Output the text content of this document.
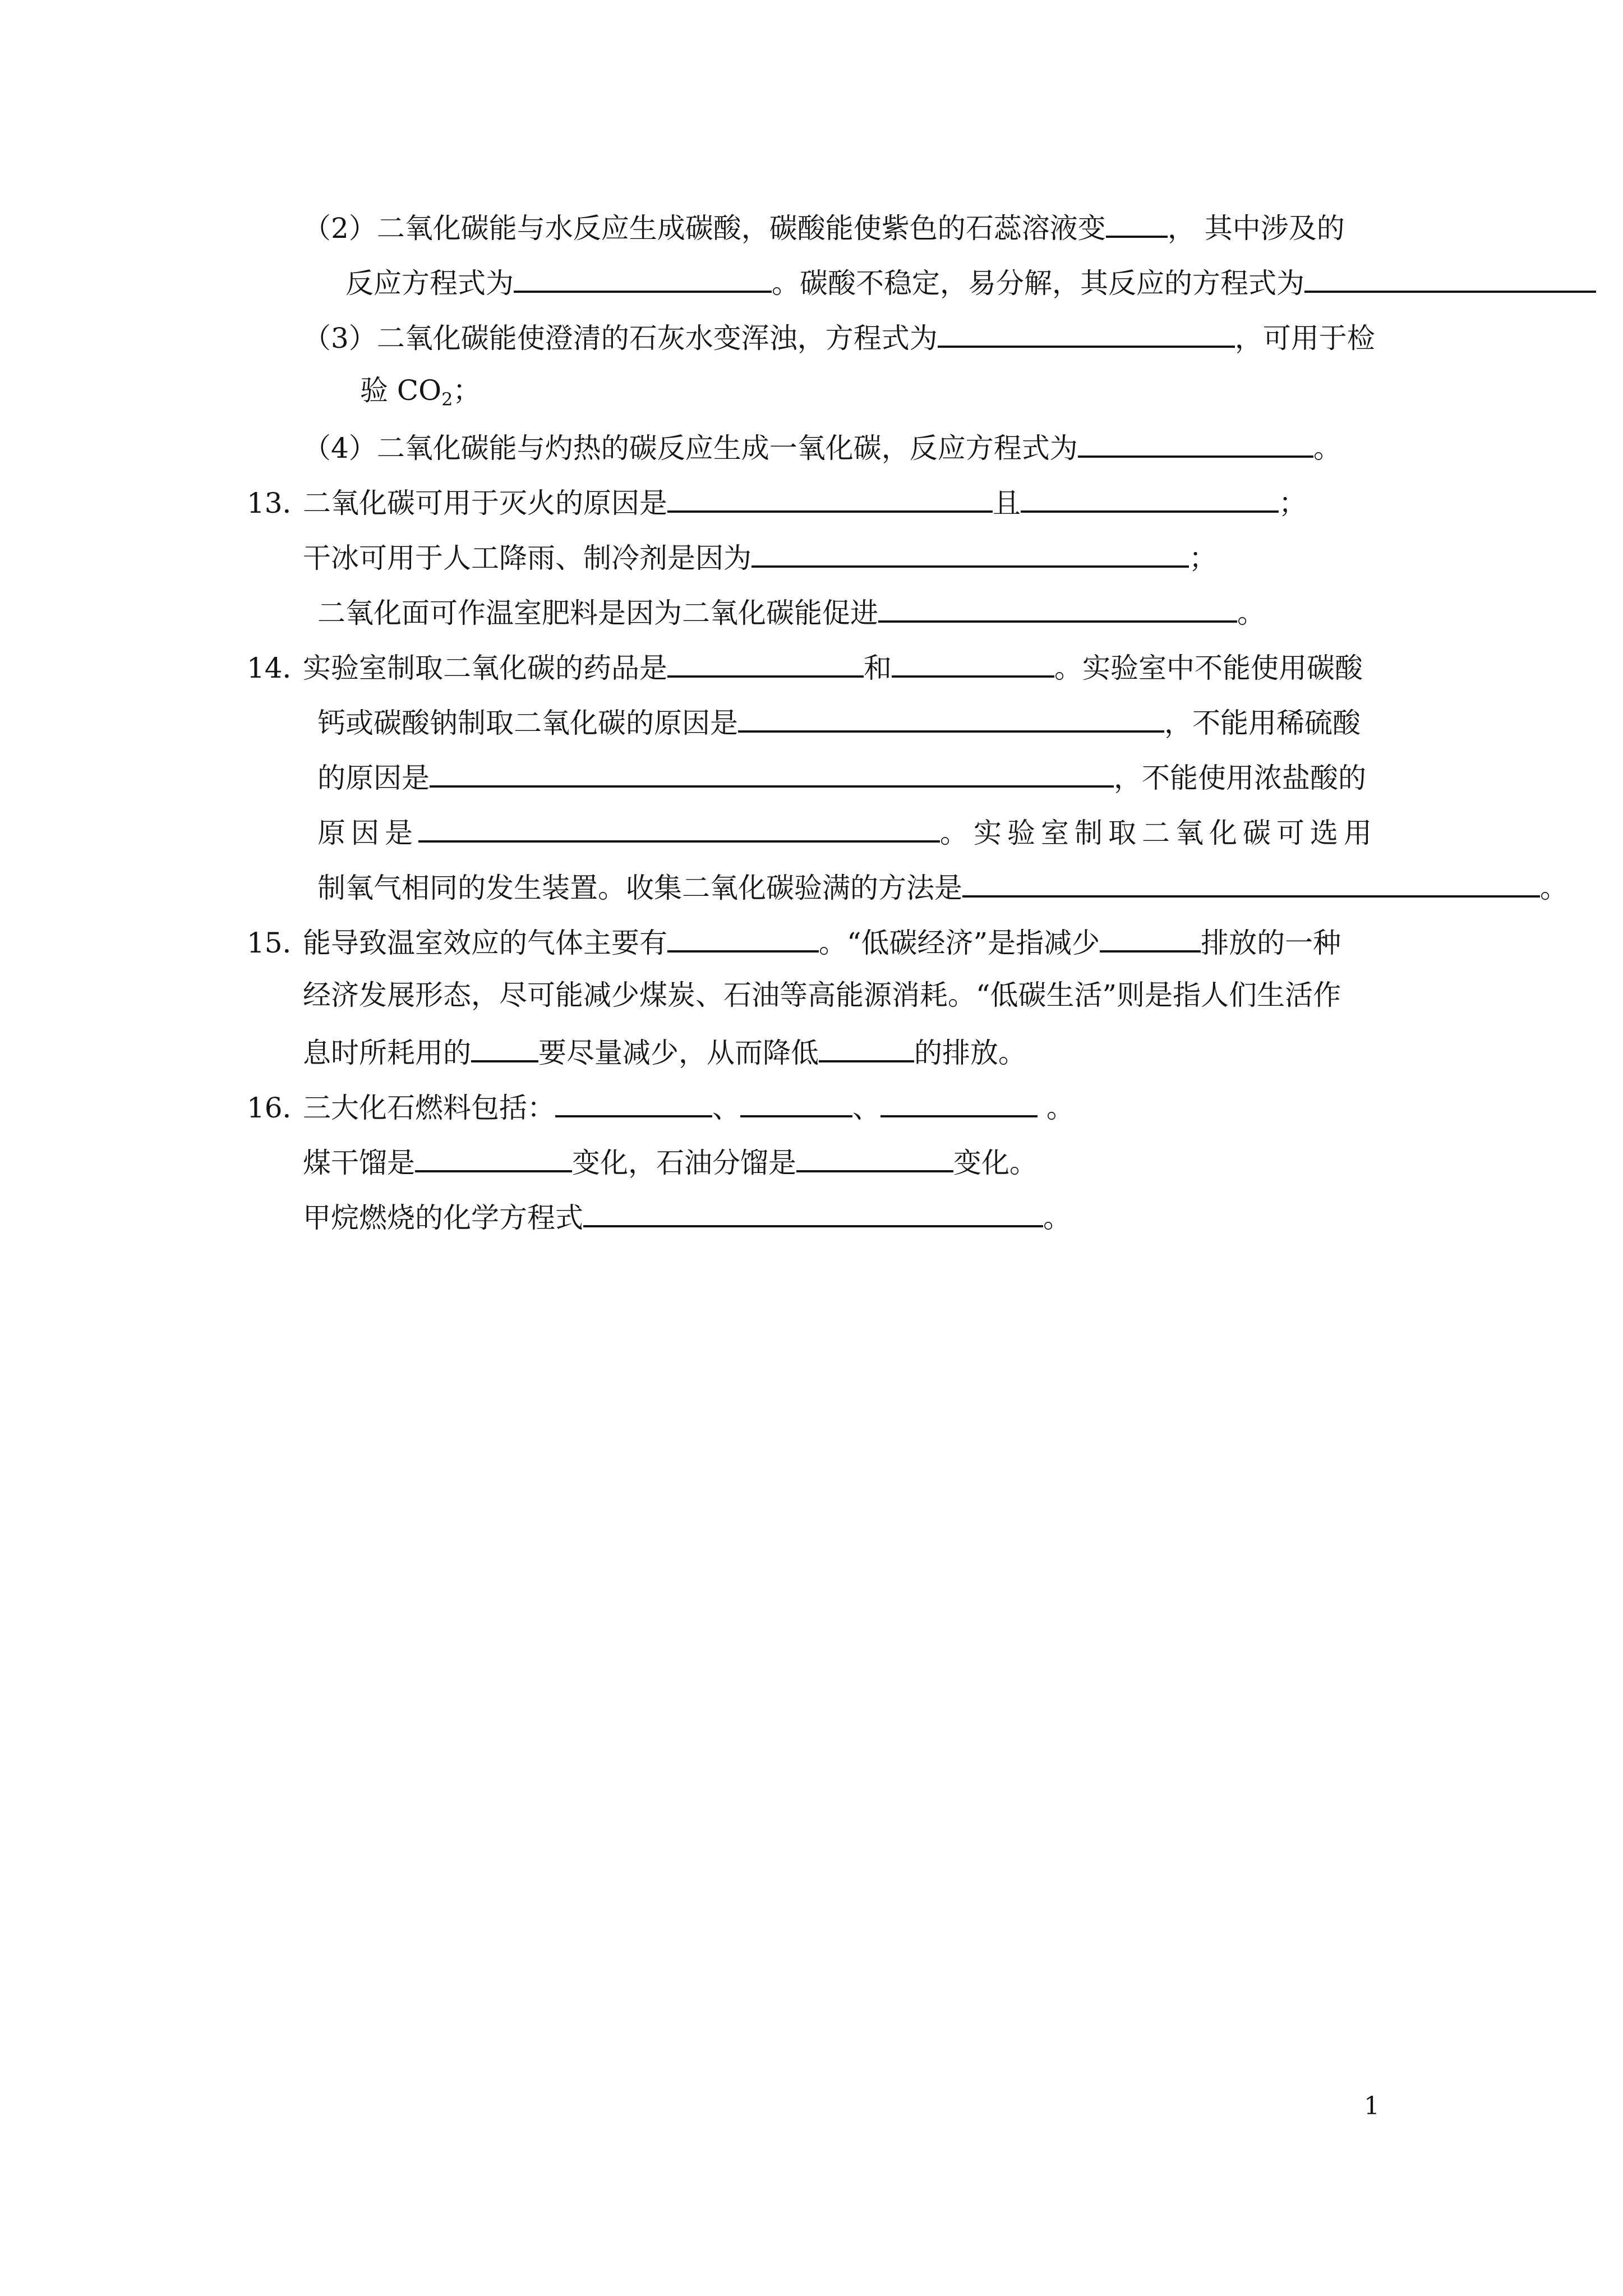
（2）二氧化碳能与水反应生成碳酸，碳酸能使紫色的石蕊溶液变 ， 其中涉及的
反应方程式为	。碳酸不稳定，易分解，其反应的方程式为
（3）二氧化碳能使澄清的石灰水变浑浊，方程式为	，可用于检
验 $CO_2$；
（4）二氧化碳能与灼热的碳反应生成一氧化碳，反应方程式为	。
13．二氧化碳可用于灭火的原因是	且	；
干冰可用于人工降雨、制冷剂是因为	；
二氧化面可作温室肥料是因为二氧化碳能促进	。
14．实验室制取二氧化碳的药品是	和	。实验室中不能使用碳酸
钙或碳酸钠制取二氧化碳的原因是	，不能用稀硫酸
的原因是	，不能使用浓盐酸的
原因是	。实验室制取二氧化碳可选用
制氧气相同的发生装置。收集二氧化碳验满的方法是	。
15．能导致温室效应的气体主要有	。“低碳经济”是指减少	排放的一种
经济发展形态，尽可能减少煤炭、石油等高能源消耗。“低碳生活”则是指人们生活作
息时所耗用的 要尽量减少，从而降低	的排放。
16．三大化石燃料包括：	、	、	。
煤干馏是	变化，石油分馏是	变化。
甲烷燃烧的化学方程式	。
1
